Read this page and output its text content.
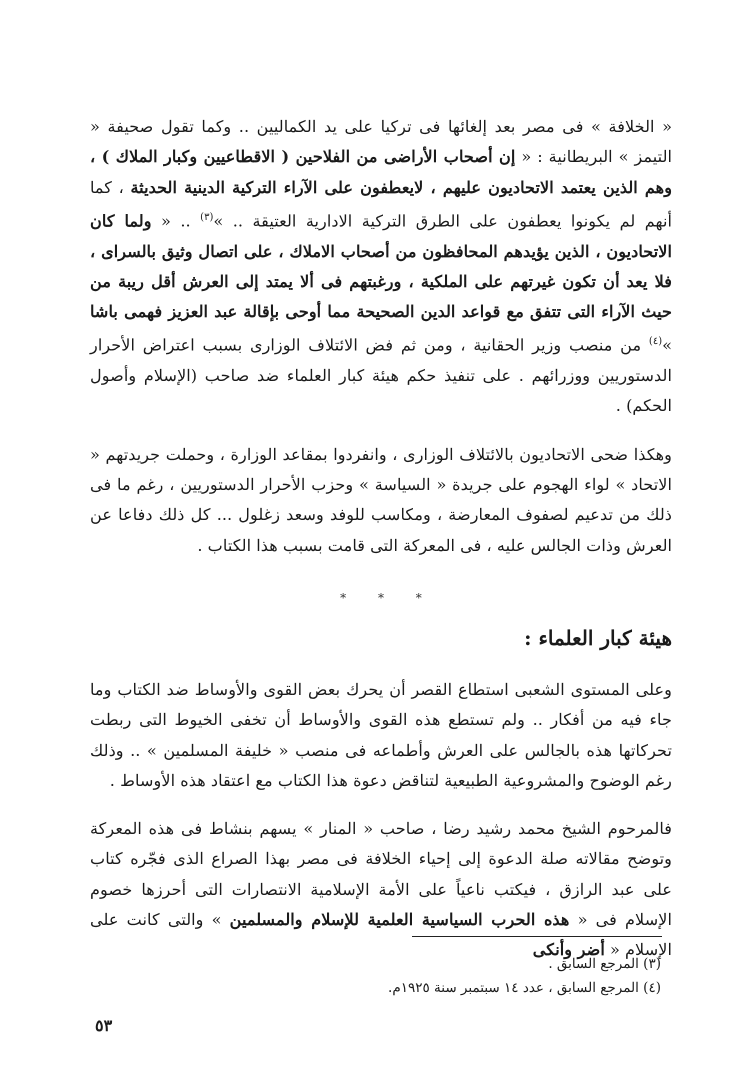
« الخلافة » فى مصر بعد إلغائها فى تركيا على يد الكماليين .. وكما تقول صحيفة « التيمز » البريطانية : « إن أصحاب الأراضى من الفلاحين ( الاقطاعيين وكبار الملاك ) ، وهم الذين يعتمد الاتحاديون عليهم ، لايعطفون على الآراء التركية الدينية الحديثة ، كما أنهم لم يكونوا يعطفون على الطرق التركية الادارية العتيقة .. »$^{(٣)}$ .. « ولما كان الاتحاديون ، الذين يؤيدهم المحافظون من أصحاب الاملاك ، على اتصال وثيق بالسراى ، فلا يعد أن تكون غيرتهم على الملكية ، ورغبتهم فى ألا يمتد إلى العرش أقل ريبة من حيث الآراء التى تتفق مع قواعد الدين الصحيحة مما أوحى بإقالة عبد العزيز فهمى باشا »$^{(٤)}$ من منصب وزير الحقانية ، ومن ثم فض الائتلاف الوزارى بسبب اعتراض الأحرار الدستوريين ووزرائهم . على تنفيذ حكم هيئة كبار العلماء ضد صاحب (الإسلام وأصول الحكم) .

وهكذا ضحى الاتحاديون بالائتلاف الوزارى ، وانفردوا بمقاعد الوزارة ، وحملت جريدتهم « الاتحاد » لواء الهجوم على جريدة « السياسة » وحزب الأحرار الدستوريين ، رغم ما فى ذلك من تدعيم لصفوف المعارضة ، ومكاسب للوفد وسعد زغلول ... كل ذلك دفاعا عن العرش وذات الجالس عليه ، فى المعركة التى قامت بسبب هذا الكتاب .

* * *
هيئة كبار العلماء :

وعلى المستوى الشعبى استطاع القصر أن يحرك بعض القوى والأوساط ضد الكتاب وما جاء فيه من أفكار .. ولم تستطع هذه القوى والأوساط أن تخفى الخيوط التى ربطت تحركاتها هذه بالجالس على العرش وأطماعه فى منصب « خليفة المسلمين » .. وذلك رغم الوضوح والمشروعية الطبيعية لتناقض دعوة هذا الكتاب مع اعتقاد هذه الأوساط .

فالمرحوم الشيخ محمد رشيد رضا ، صاحب « المنار » يسهم بنشاط فى هذه المعركة وتوضح مقالاته صلة الدعوة إلى إحياء الخلافة فى مصر بهذا الصراع الذى فجّره كتاب على عبد الرازق ، فيكتب ناعياً على الأمة الإسلامية الانتصارات التى أحرزها خصوم الإسلام فى « هذه الحرب السياسية العلمية للإسلام والمسلمين » والتى كانت على الإسلام « أضر وأنكى

(٣) المرجع السابق .

(٤) المرجع السابق ، عدد ١٤ سبتمبر سنة ١٩٢٥م.

٥٣
